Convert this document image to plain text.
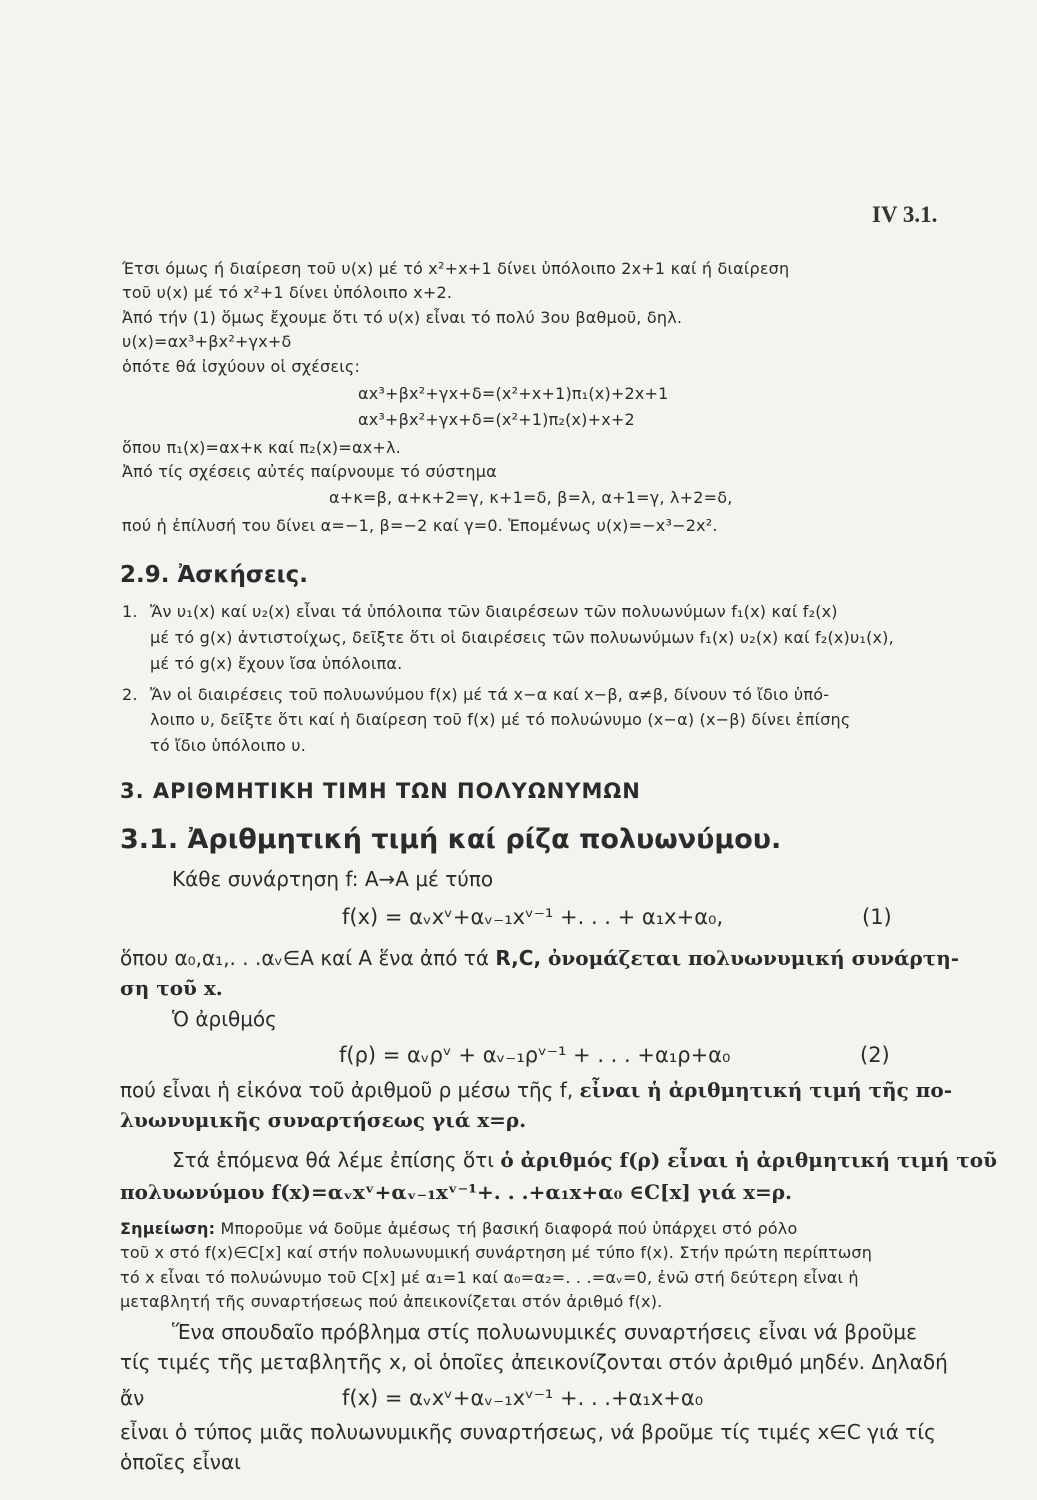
IV 3.1.
Έτσι όμως ή διαίρεση τοῦ υ(x) μέ τό x²+x+1 δίνει ὑπόλοιπο 2x+1 καί ή διαίρεση
τοῦ υ(x) μέ τό x²+1 δίνει ὑπόλοιπο x+2.
Ἀπό τήν (1) ὅμως ἔχουμε ὅτι τό υ(x) εἶναι τό πολύ 3ου βαθμοῦ, δηλ.
υ(x)=αx³+βx²+γx+δ
ὁπότε θά ἰσχύουν οἱ σχέσεις:
αx³+βx²+γx+δ=(x²+x+1)π₁(x)+2x+1
αx³+βx²+γx+δ=(x²+1)π₂(x)+x+2
ὅπου π₁(x)=αx+κ καί π₂(x)=αx+λ.
Ἀπό τίς σχέσεις αὐτές παίρνουμε τό σύστημα
α+κ=β, α+κ+2=γ, κ+1=δ, β=λ, α+1=γ, λ+2=δ,
πού ἡ ἐπίλυσή του δίνει α=−1, β=−2 καί γ=0. Ἑπομένως υ(x)=−x³−2x².
2.9. Ἀσκήσεις.
1. Ἄν υ₁(x) καί υ₂(x) εἶναι τά ὑπόλοιπα τῶν διαιρέσεων τῶν πολυωνύμων f₁(x) καί f₂(x)
μέ τό g(x) ἀντιστοίχως, δεῖξτε ὅτι οἱ διαιρέσεις τῶν πολυωνύμων f₁(x) υ₂(x) καί f₂(x)υ₁(x),
μέ τό g(x) ἔχουν ἴσα ὑπόλοιπα.
2. Ἄν οἱ διαιρέσεις τοῦ πολυωνύμου f(x) μέ τά x−α καί x−β, α≠β, δίνουν τό ἴδιο ὑπό-
λοιπο υ, δεῖξτε ὅτι καί ἡ διαίρεση τοῦ f(x) μέ τό πολυώνυμο (x−α) (x−β) δίνει ἐπίσης
τό ἴδιο ὑπόλοιπο υ.
3. ΑΡΙΘΜΗΤΙΚΗ ΤΙΜΗ ΤΩΝ ΠΟΛΥΩΝΥΜΩΝ
3.1. Ἀριθμητική τιμή καί ρίζα πολυωνύμου.
Κάθε συνάρτηση f: A→A μέ τύπο
f(x) = αᵥxᵛ+αᵥ₋₁xᵛ⁻¹ +. . . + α₁x+α₀,	(1)
ὅπου α₀,α₁,. . .αᵥ∈A καί A ἕνα ἀπό τά R,C, ὀνομάζεται πολυωνυμική συνάρτη-
ση τοῦ x.
Ὁ ἀριθμός
f(ρ) = αᵥρᵛ + αᵥ₋₁ρᵛ⁻¹ + . . . +α₁ρ+α₀	(2)
πού εἶναι ἡ εἰκόνα τοῦ ἀριθμοῦ ρ μέσω τῆς f, εἶναι ἡ ἀριθμητική τιμή τῆς πο-
λυωνυμικῆς συναρτήσεως γιά x=ρ.
Στά ἑπόμενα θά λέμε ἐπίσης ὅτι ὁ ἀριθμός f(ρ) εἶναι ἡ ἀριθμητική τιμή τοῦ
πολυωνύμου f(x)=αᵥxᵛ+αᵥ₋₁xᵛ⁻¹+. . .+α₁x+α₀ ∈C[x] γιά x=ρ.
Σημείωση: Μποροῦμε νά δοῦμε ἀμέσως τή βασική διαφορά πού ὑπάρχει στό ρόλο
τοῦ x στό f(x)∈C[x] καί στήν πολυωνυμική συνάρτηση μέ τύπο f(x). Στήν πρώτη περίπτωση
τό x εἶναι τό πολυώνυμο τοῦ C[x] μέ α₁=1 καί α₀=α₂=. . .=αᵥ=0, ἐνῶ στή δεύτερη εἶναι ἡ
μεταβλητή τῆς συναρτήσεως πού ἀπεικονίζεται στόν ἀριθμό f(x).
Ἕνα σπουδαῖο πρόβλημα στίς πολυωνυμικές συναρτήσεις εἶναι νά βροῦμε
τίς τιμές τῆς μεταβλητῆς x, οἱ ὁποῖες ἀπεικονίζονται στόν ἀριθμό μηδέν. Δηλαδή
ἄν	f(x) = αᵥxᵛ+αᵥ₋₁xᵛ⁻¹ +. . .+α₁x+α₀
εἶναι ὁ τύπος μιᾶς πολυωνυμικῆς συναρτήσεως, νά βροῦμε τίς τιμές x∈C γιά τίς
ὁποῖες εἶναι
